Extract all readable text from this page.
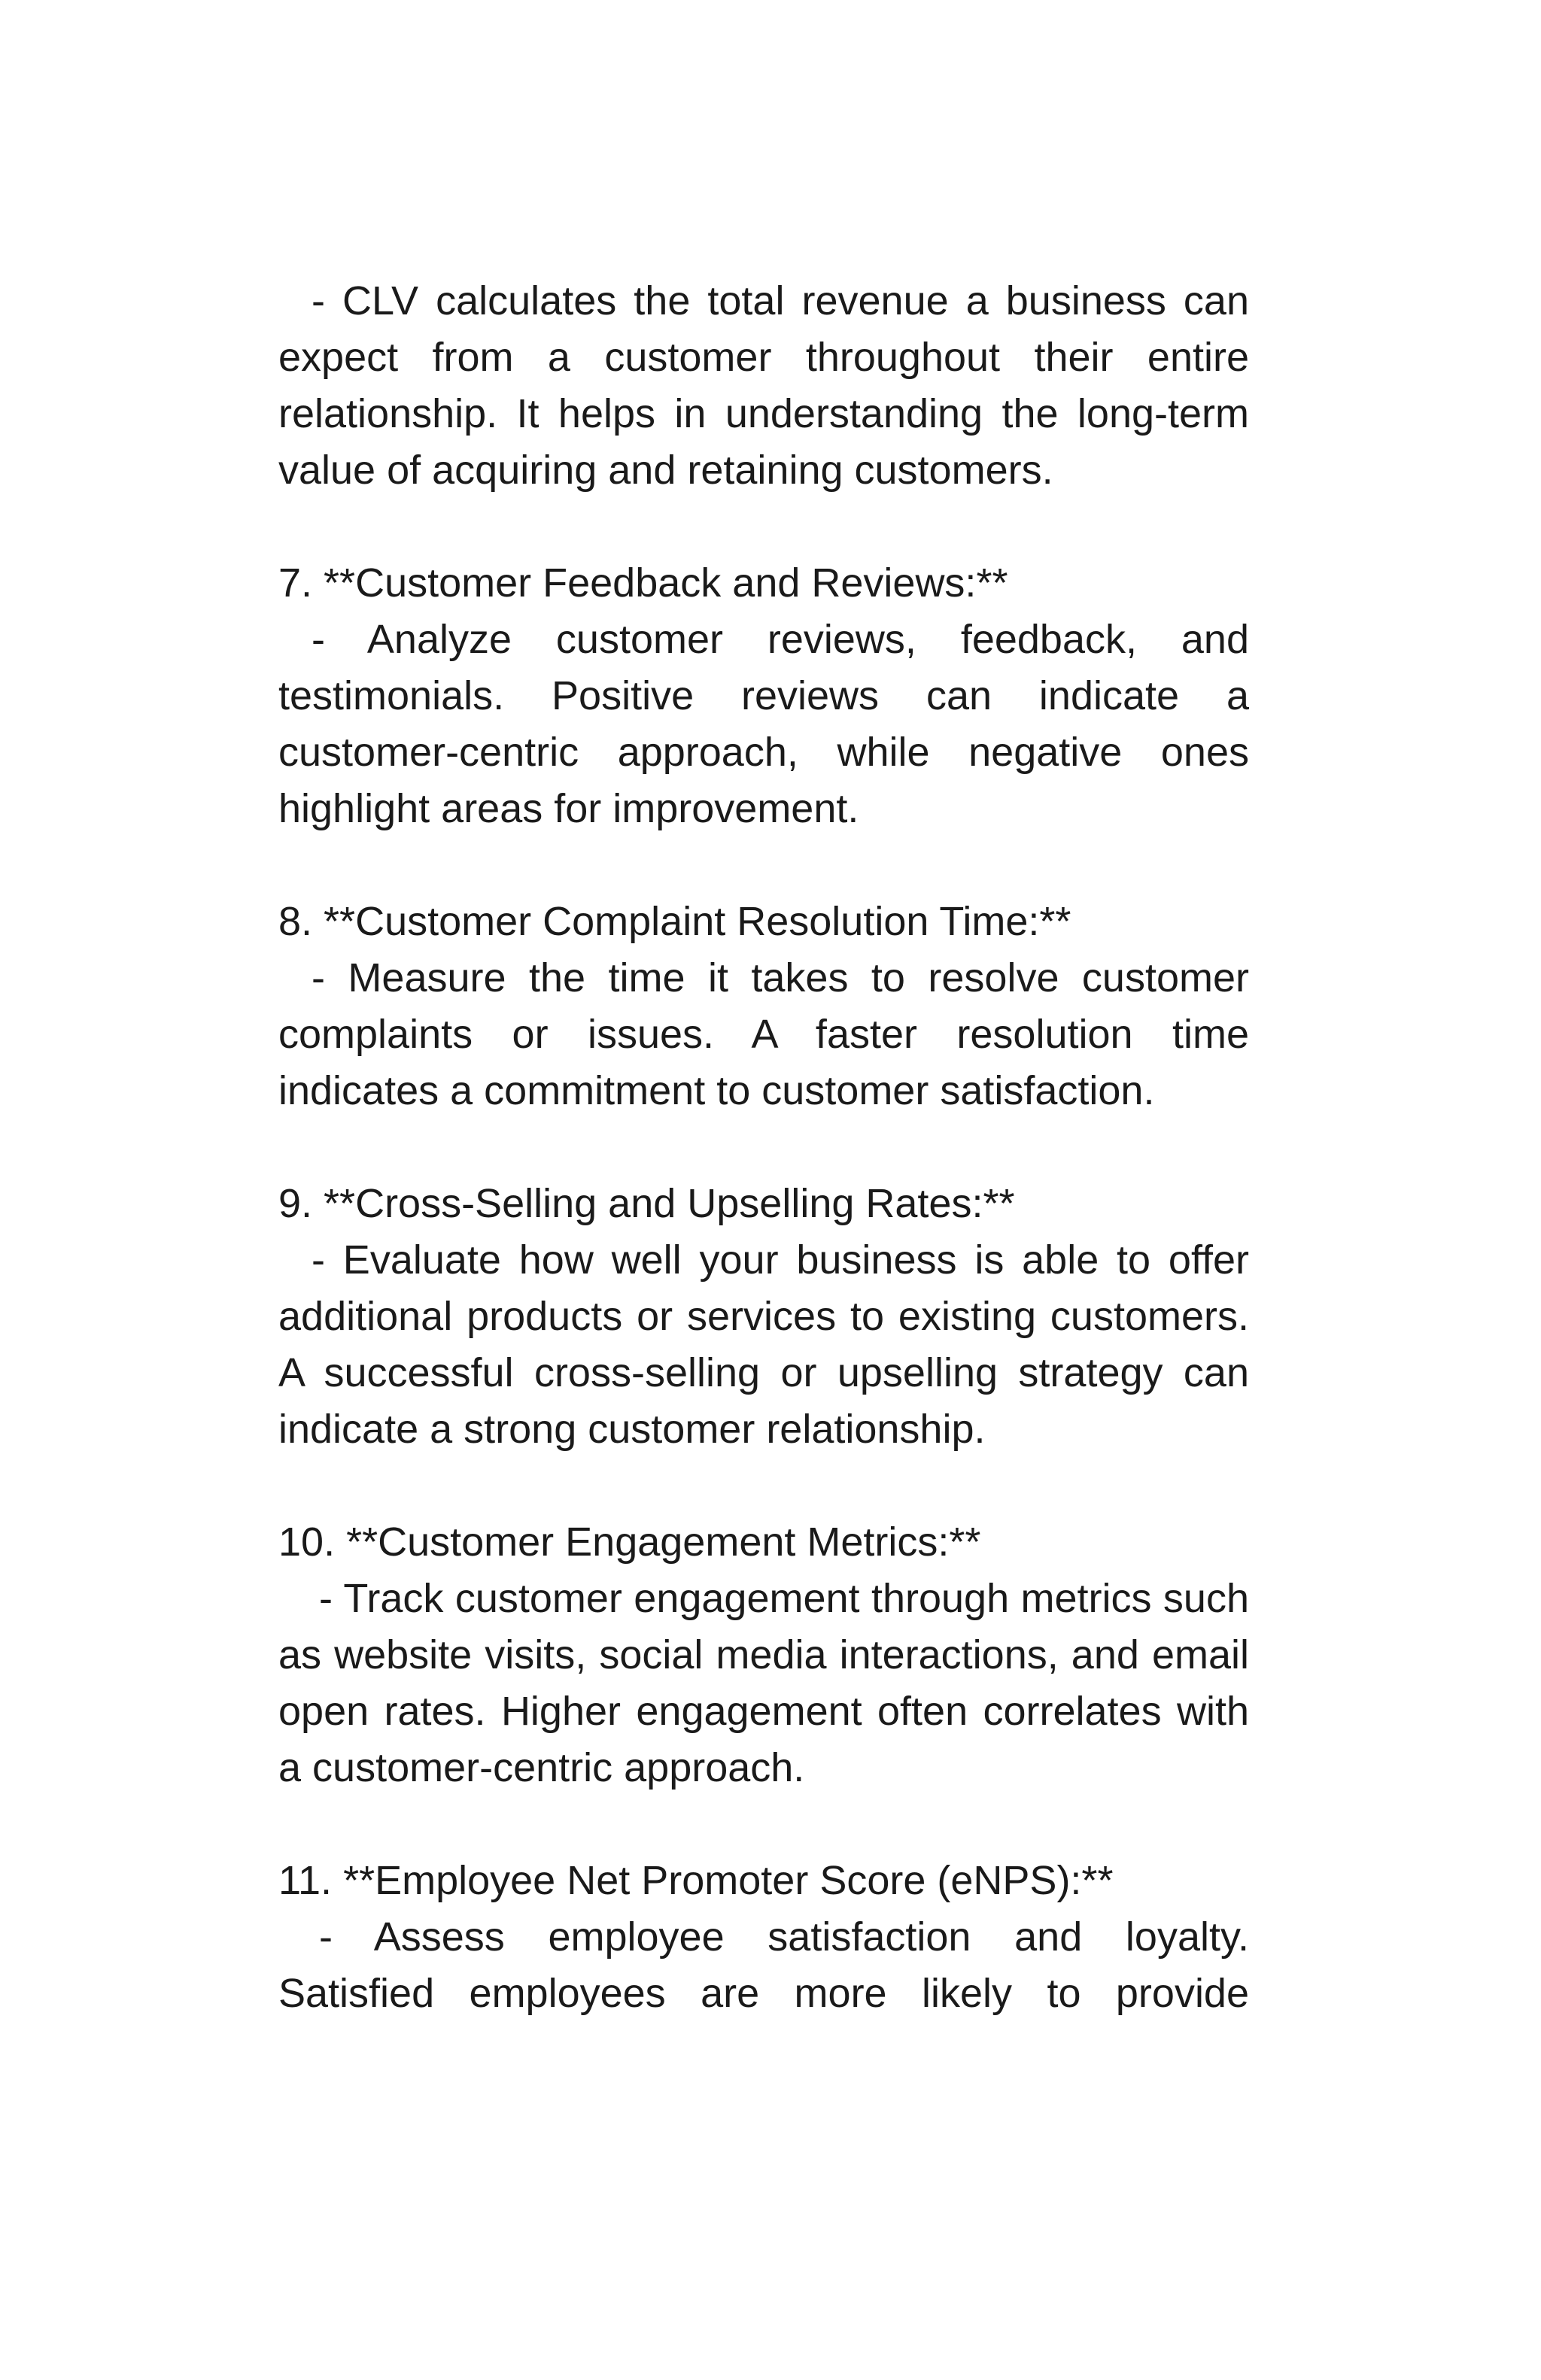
- CLV calculates the total revenue a business can expect from a customer throughout their entire relationship. It helps in understanding the long-term value of acquiring and retaining customers.

7. **Customer Feedback and Reviews:**

- Analyze customer reviews, feedback, and testimonials. Positive reviews can indicate a customer-centric approach, while negative ones highlight areas for improvement.

8. **Customer Complaint Resolution Time:**

- Measure the time it takes to resolve customer complaints or issues. A faster resolution time indicates a commitment to customer satisfaction.

9. **Cross-Selling and Upselling Rates:**

- Evaluate how well your business is able to offer additional products or services to existing customers. A successful cross-selling or upselling strategy can indicate a strong customer relationship.

10. **Customer Engagement Metrics:**

- Track customer engagement through metrics such as website visits, social media interactions, and email open rates. Higher engagement often correlates with a customer-centric approach.

11. **Employee Net Promoter Score (eNPS):**

- Assess employee satisfaction and loyalty. Satisfied employees are more likely to provide
